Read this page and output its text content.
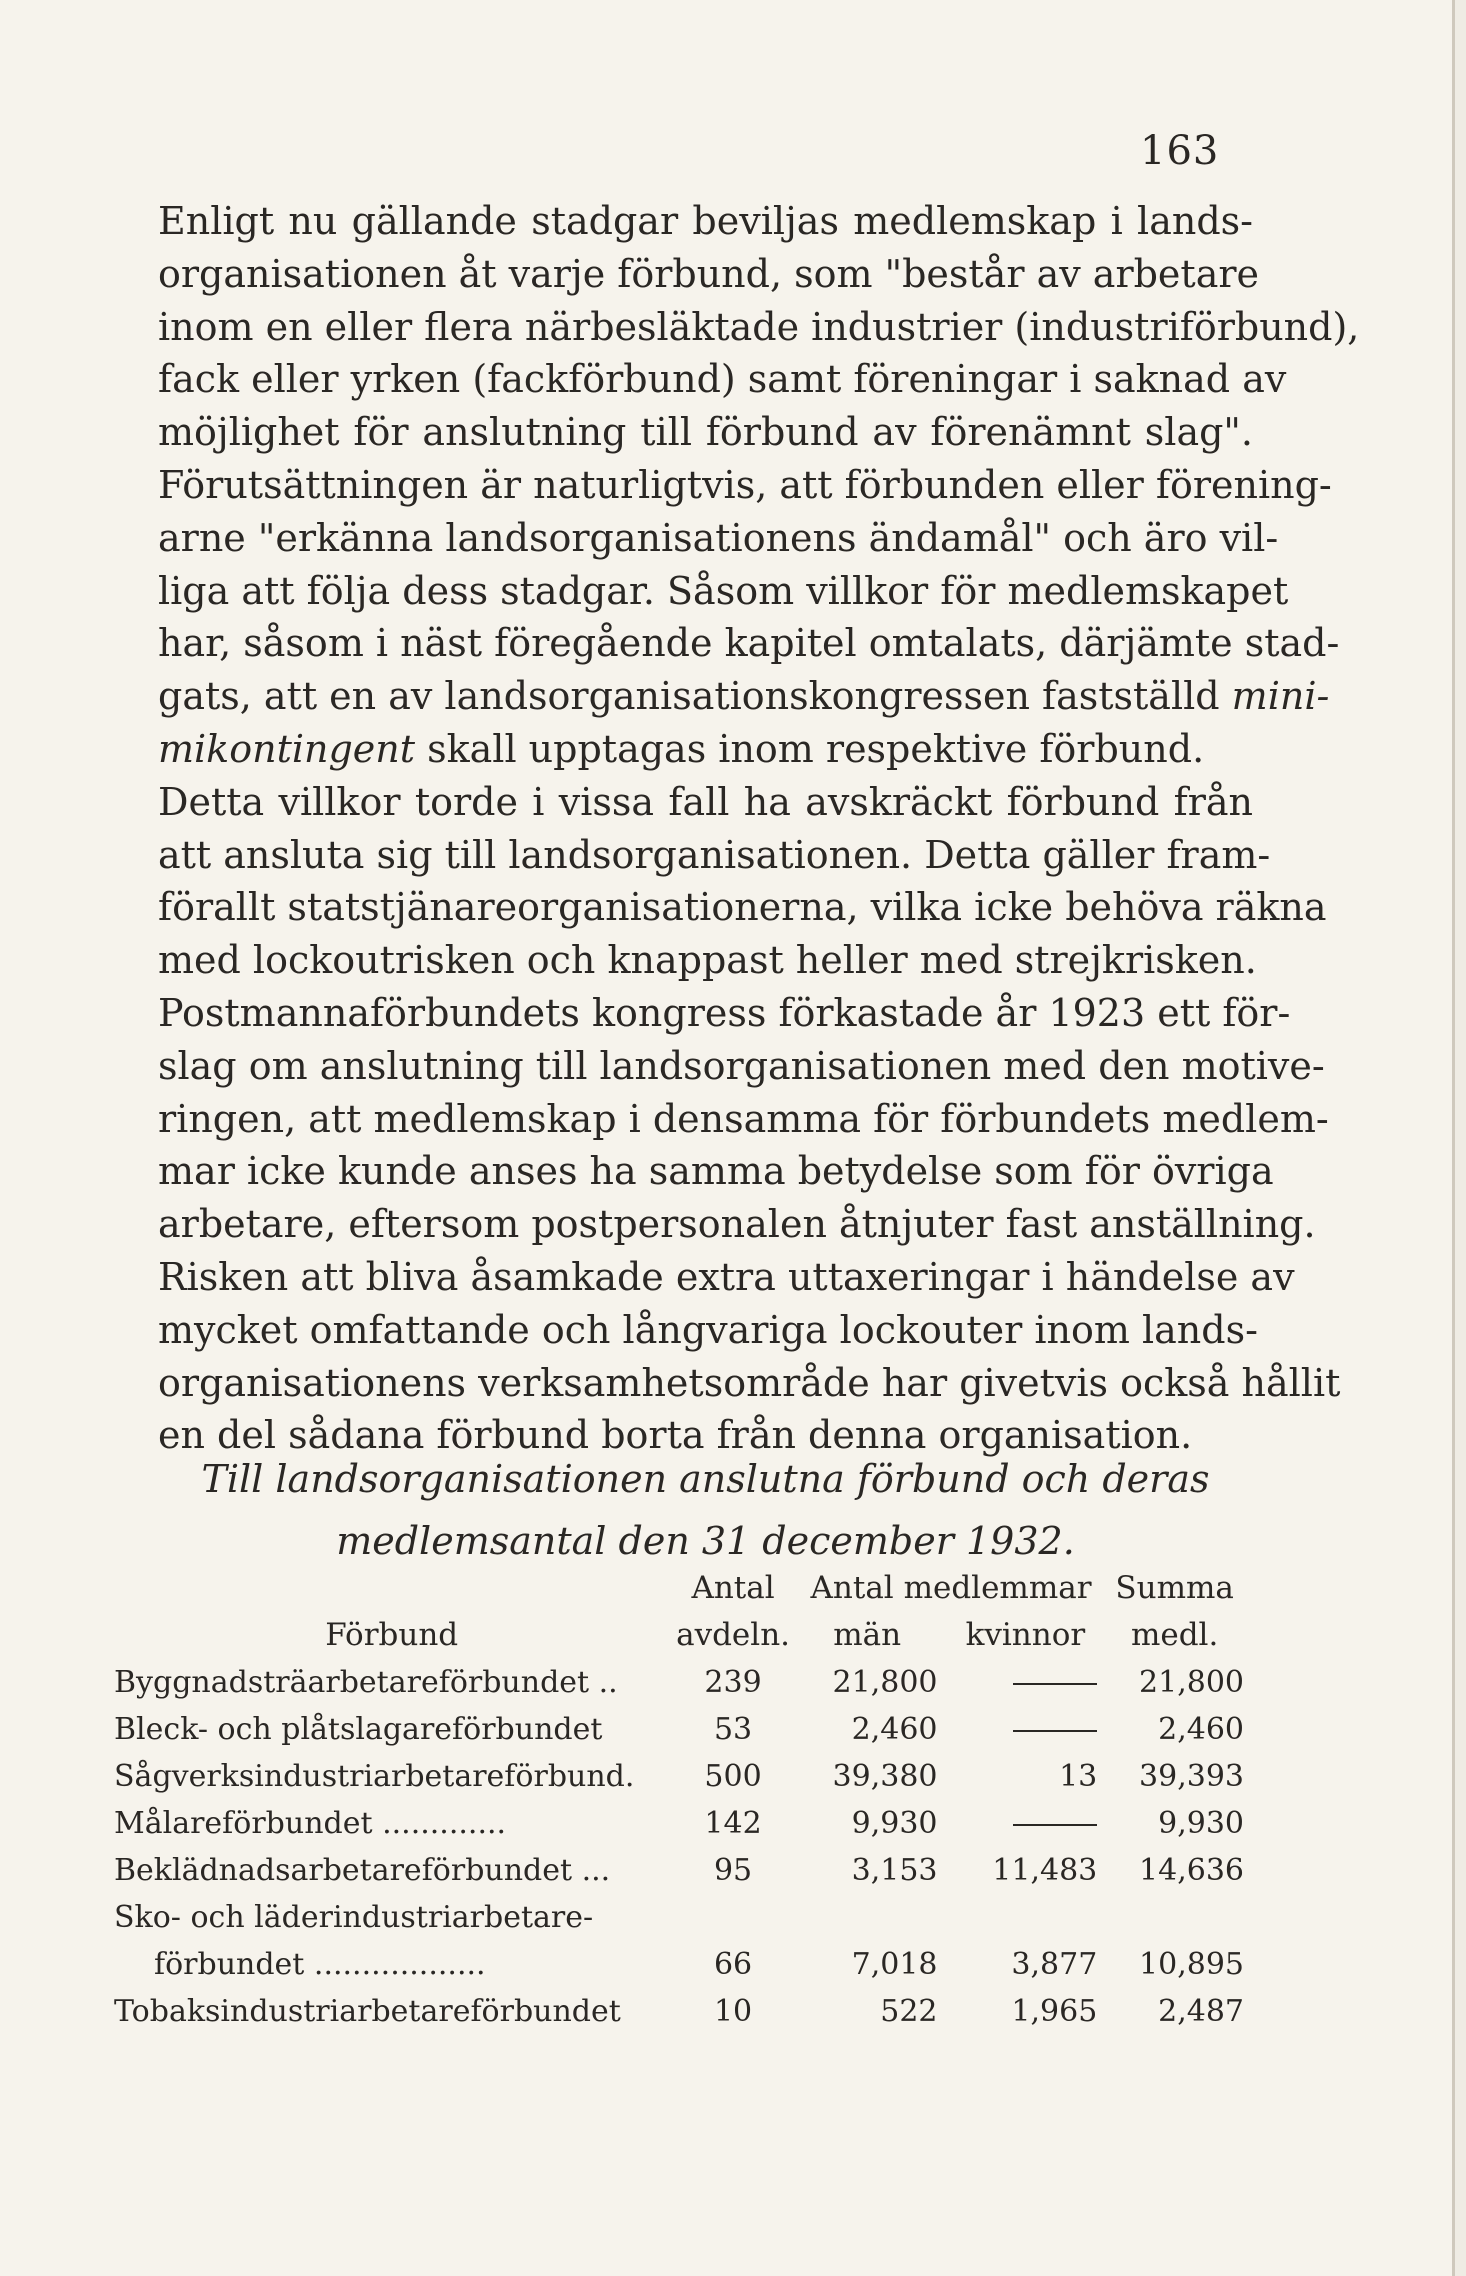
163
Enligt nu gällande stadgar beviljas medlemskap i lands-
organisationen åt varje förbund, som "består av arbetare
inom en eller flera närbesläktade industrier (industriförbund),
fack eller yrken (fackförbund) samt föreningar i saknad av
möjlighet för anslutning till förbund av förenämnt slag".
Förutsättningen är naturligtvis, att förbunden eller förening-
arne "erkänna landsorganisationens ändamål" och äro vil-
liga att följa dess stadgar. Såsom villkor för medlemskapet
har, såsom i näst föregående kapitel omtalats, därjämte stad-
gats, att en av landsorganisationskongressen fastställd mini-
mikontingent skall upptagas inom respektive förbund.
Detta villkor torde i vissa fall ha avskräckt förbund från
att ansluta sig till landsorganisationen. Detta gäller fram-
förallt statstjänareorganisationerna, vilka icke behöva räkna
med lockoutrisken och knappast heller med strejkrisken.
Postmannaförbundets kongress förkastade år 1923 ett för-
slag om anslutning till landsorganisationen med den motive-
ringen, att medlemskap i densamma för förbundets medlem-
mar icke kunde anses ha samma betydelse som för övriga
arbetare, eftersom postpersonalen åtnjuter fast anställning.
Risken att bliva åsamkade extra uttaxeringar i händelse av
mycket omfattande och långvariga lockouter inom lands-
organisationens verksamhetsområde har givetvis också hållit
en del sådana förbund borta från denna organisation.
Till landsorganisationen anslutna förbund och deras
medlemsantal den 31 december 1932.
	Antal	Antal medlemmar		Summa
Förbund	avdeln.	män	kvinnor	medl.
Byggnadsträarbetareförbundet ..	239	21,800		21,800
Bleck- och plåtslagareförbundet	53	2,460		2,460
Sågverksindustriarbetareförbund.	500	39,380	13	39,393
Målareförbundet .............	142	9,930		9,930
Beklädnadsarbetareförbundet ...	95	3,153	11,483	14,636
Sko- och läderindustriarbetare-				
förbundet ..................	66	7,018	3,877	10,895
Tobaksindustriarbetareförbundet	10	522	1,965	2,487
